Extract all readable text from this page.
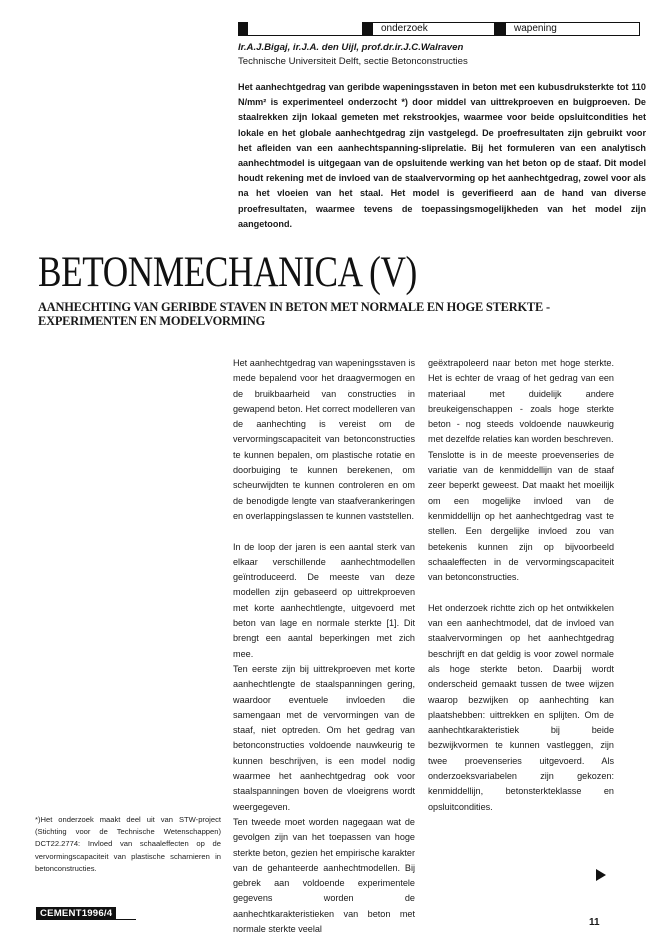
onderzoek	wapening
Ir.A.J.Bigaj, ir.J.A. den Uijl, prof.dr.ir.J.C.Walraven
Technische Universiteit Delft, sectie Betonconstructies
Het aanhechtgedrag van geribde wapeningsstaven in beton met een kubusdruksterkte tot 110 N/mm² is experimenteel onderzocht *) door middel van uittrekproeven en buigproeven. De staalrekken zijn lokaal gemeten met rekstrookjes, waarmee voor beide opsluitcondities het lokale en het globale aanhechtgedrag zijn vastgelegd. De proefresultaten zijn gebruikt voor het afleiden van een aanhechtspanning-sliprelatie. Bij het formuleren van een analytisch aanhechtmodel is uitgegaan van de opsluitende werking van het beton op de staaf. Dit model houdt rekening met de invloed van de staalvervorming op het aanhechtgedrag, zowel voor als na het vloeien van het staal. Het model is geverifieerd aan de hand van diverse proefresultaten, waarmee tevens de toepassingsmogelijkheden van het model zijn aangetoond.
BETONMECHANICA (V)
AANHECHTING VAN GERIBDE STAVEN IN BETON MET NORMALE EN HOGE STERKTE - EXPERIMENTEN EN MODELVORMING

Het aanhechtgedrag van wapeningsstaven is mede bepalend voor het draagvermogen en de bruikbaarheid van constructies in gewapend beton. Het correct modelleren van de aanhechting is vereist om de vervormingscapaciteit van betonconstructies te kunnen bepalen, om plastische rotatie en doorbuiging te kunnen berekenen, om scheurwijdten te kunnen controleren en om de benodigde lengte van staafverankeringen en overlappingslassen te kunnen vaststellen.

In de loop der jaren is een aantal sterk van elkaar verschillende aanhechtmodellen geïntroduceerd. De meeste van deze modellen zijn gebaseerd op uittrekproeven met korte aanhechtlengte, uitgevoerd met beton van lage en normale sterkte [1]. Dit brengt een aantal beperkingen met zich mee.

Ten eerste zijn bij uittrekproeven met korte aanhechtlengte de staalspanningen gering, waardoor eventuele invloeden die samengaan met de vervormingen van de staaf, niet optreden. Om het gedrag van betonconstructies voldoende nauwkeurig te kunnen beschrijven, is een model nodig waarmee het aanhechtgedrag ook voor staalspanningen boven de vloeigrens wordt weergegeven.

Ten tweede moet worden nagegaan wat de gevolgen zijn van het toepassen van hoge sterkte beton, gezien het empirische karakter van de gehanteerde aanhechtmodellen. Bij gebrek aan voldoende experimentele gegevens worden de aanhechtkarakteristieken van beton met normale sterkte veelal

geëxtrapoleerd naar beton met hoge sterkte. Het is echter de vraag of het gedrag van een materiaal met duidelijk andere breukeigenschappen - zoals hoge sterkte beton - nog steeds voldoende nauwkeurig met dezelfde relaties kan worden beschreven.

Tenslotte is in de meeste proevenseries de variatie van de kenmiddellijn van de staaf zeer beperkt geweest. Dat maakt het moeilijk om een mogelijke invloed van de kenmiddellijn op het aanhechtgedrag vast te stellen. Een dergelijke invloed zou van betekenis kunnen zijn op bijvoorbeeld schaaleffecten in de vervormingscapaciteit van betonconstructies.

Het onderzoek richtte zich op het ontwikkelen van een aanhechtmodel, dat de invloed van staalvervormingen op het aanhechtgedrag beschrijft en dat geldig is voor zowel normale als hoge sterkte beton. Daarbij wordt onderscheid gemaakt tussen de twee wijzen waarop bezwijken op aanhechting kan plaatshebben: uittrekken en splijten. Om de aanhechtkarakteristiek bij beide bezwijkvormen te kunnen vastleggen, zijn twee proevenseries uitgevoerd. Als onderzoeksvariabelen zijn gekozen: kenmiddellijn, betonsterkteklasse en opsluitcondities.

*)Het onderzoek maakt deel uit van STW-project (Stichting voor de Technische Wetenschappen) DCT22.2774: Invloed van schaaleffecten op de vervormingscapaciteit van plastische scharnieren in betonconstructies.
CEMENT1996/4
11
